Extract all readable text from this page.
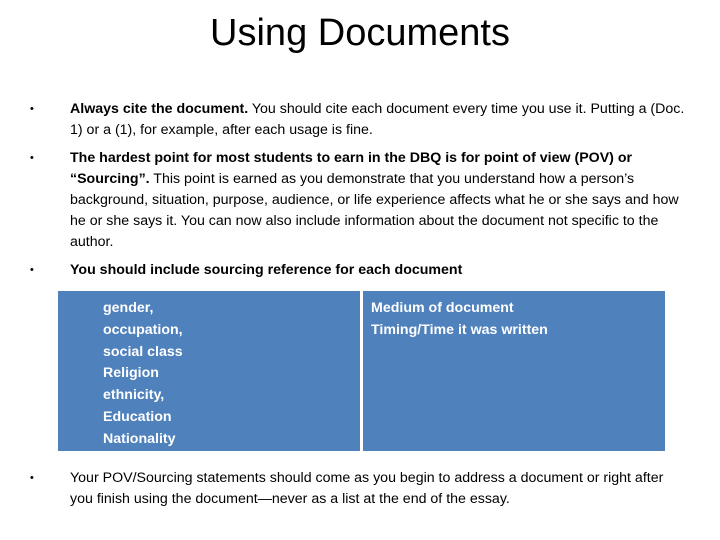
Using Documents
•	Always cite the document. You should cite each document every time you use it. Putting a (Doc. 1) or a (1), for example, after each usage is fine.
•	The hardest point for most students to earn in the DBQ is for point of view (POV) or “Sourcing”. This point is earned as you demonstrate that you understand how a person’s background, situation, purpose, audience, or life experience affects what he or she says and how he or she says it. You can now also include information about the document not specific to the author.
•	You should include sourcing reference for each document
gender,
occupation,
social class
Religion
ethnicity,
Education
Nationality
Medium of document
Timing/Time it was written
•	Your POV/Sourcing statements should come as you begin to address a document or right after you finish using the document—never as a list at the end of the essay.
